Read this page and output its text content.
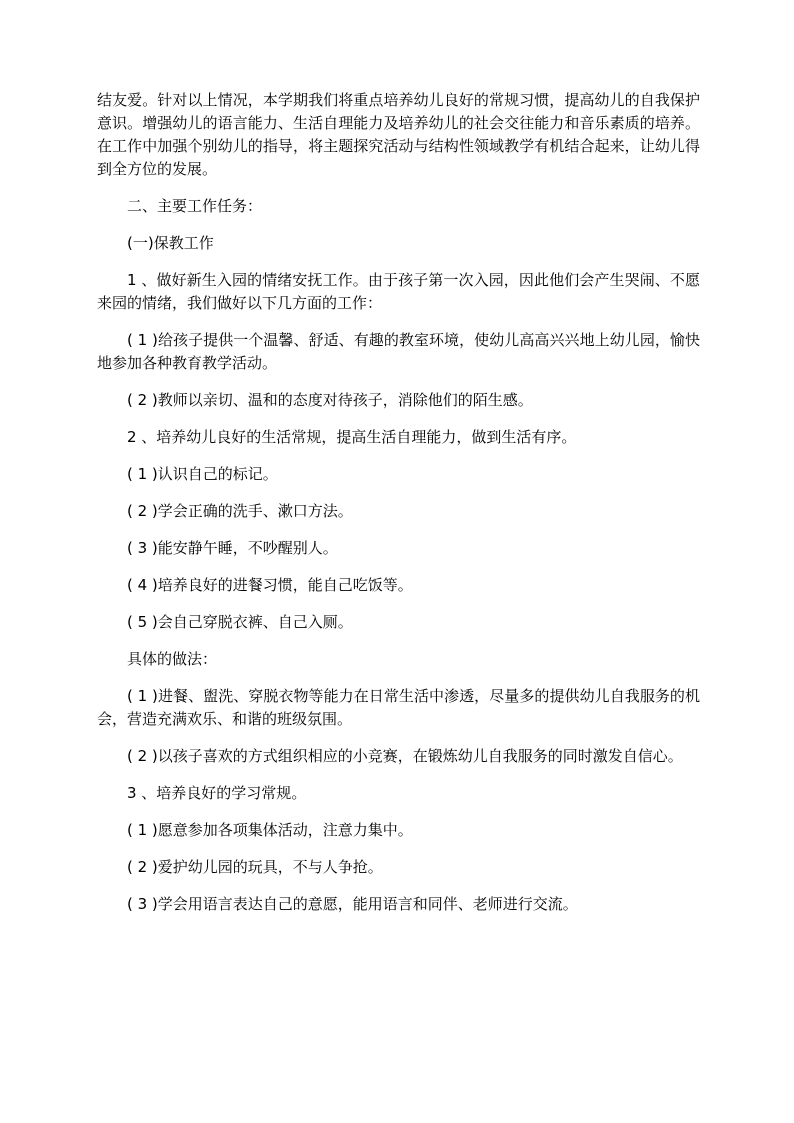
结友爱。针对以上情况，本学期我们将重点培养幼儿良好的常规习惯，提高幼儿的自我保护意识。增强幼儿的语言能力、生活自理能力及培养幼儿的社会交往能力和音乐素质的培养。在工作中加强个别幼儿的指导，将主题探究活动与结构性领域教学有机结合起来，让幼儿得到全方位的发展。

二、主要工作任务：

(一)保教工作

1 、做好新生入园的情绪安抚工作。由于孩子第一次入园，因此他们会产生哭闹、不愿来园的情绪，我们做好以下几方面的工作：

( 1 )给孩子提供一个温馨、舒适、有趣的教室环境，使幼儿高高兴兴地上幼儿园，愉快地参加各种教育教学活动。

( 2 )教师以亲切、温和的态度对待孩子，消除他们的陌生感。

2 、培养幼儿良好的生活常规，提高生活自理能力，做到生活有序。

( 1 )认识自己的标记。

( 2 )学会正确的洗手、漱口方法。

( 3 )能安静午睡，不吵醒别人。

( 4 )培养良好的进餐习惯，能自己吃饭等。

( 5 )会自己穿脱衣裤、自己入厕。

具体的做法：

( 1 )进餐、盥洗、穿脱衣物等能力在日常生活中渗透，尽量多的提供幼儿自我服务的机会，营造充满欢乐、和谐的班级氛围。

( 2 )以孩子喜欢的方式组织相应的小竞赛，在锻炼幼儿自我服务的同时激发自信心。

3 、培养良好的学习常规。

( 1 )愿意参加各项集体活动，注意力集中。

( 2 )爱护幼儿园的玩具，不与人争抢。

( 3 )学会用语言表达自己的意愿，能用语言和同伴、老师进行交流。
